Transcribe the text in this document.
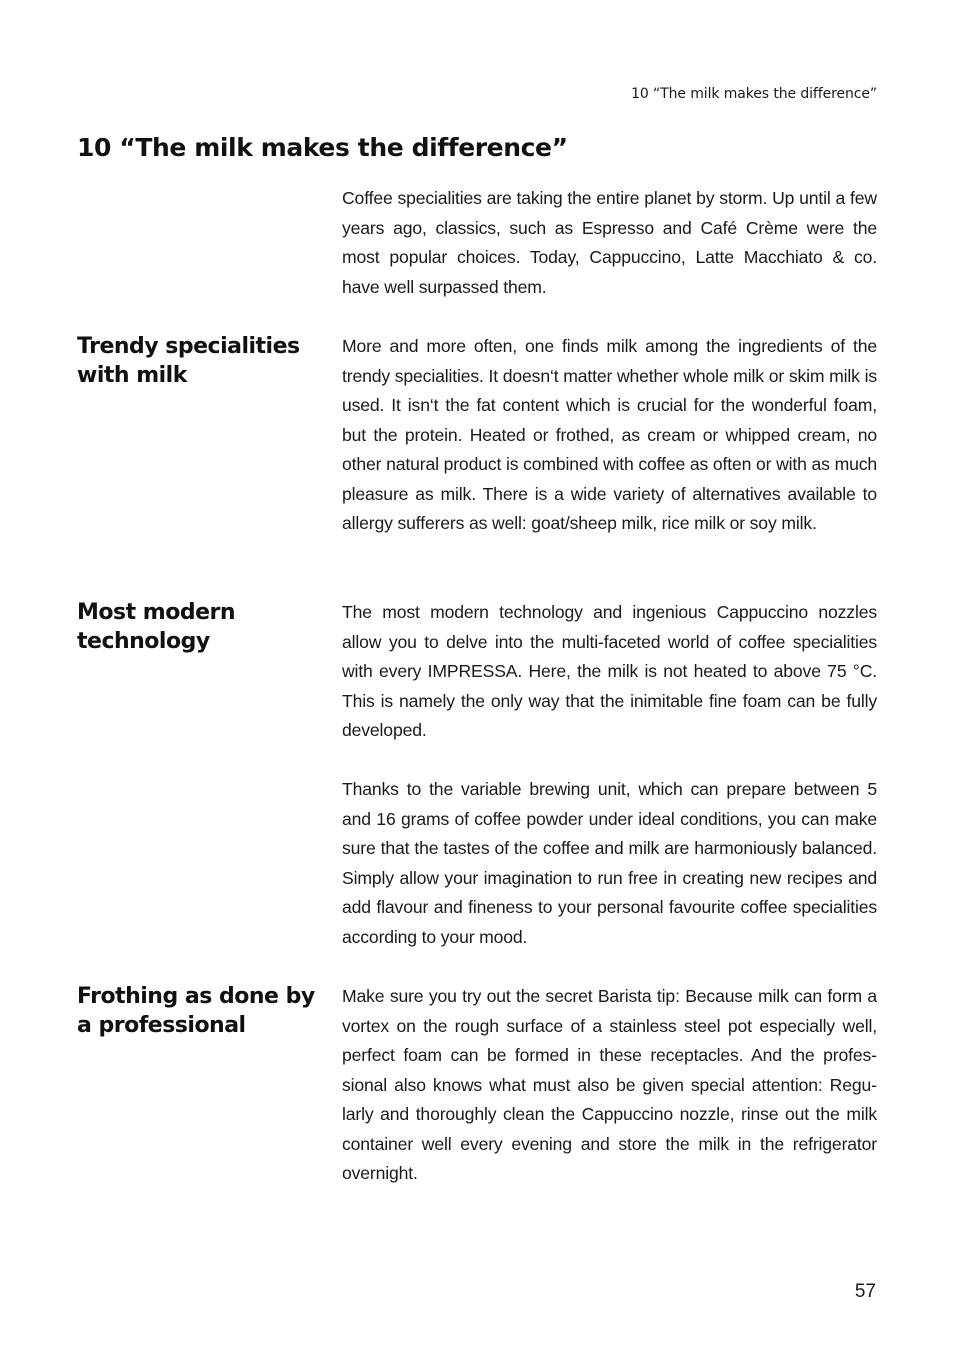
10 “The milk makes the difference”
10 “The milk makes the difference”

Coffee specialities are taking the entire planet by storm. Up until a few years ago, classics, such as Espresso and Café Crème were the most popular choices. Today, Cappuccino, Latte Macchiato & co. have well surpassed them.

Trendy specialities with milk

More and more often, one finds milk among the ingredients of the trendy specialities. It doesn‘t matter whether whole milk or skim milk is used. It isn‘t the fat content which is crucial for the wonderful foam, but the protein. Heated or frothed, as cream or whipped cream, no other natural product is combined with coffee as often or with as much pleasure as milk. There is a wide variety of alternatives available to allergy sufferers as well: goat/sheep milk, rice milk or soy milk.

Most modern technology

The most modern technology and ingenious Cappuccino nozzles allow you to delve into the multi-faceted world of coffee specialities with every IMPRESSA. Here, the milk is not heated to above 75 °C. This is namely the only way that the inimitable fine foam can be fully developed.

Thanks to the variable brewing unit, which can prepare between 5 and 16 grams of coffee powder under ideal conditions, you can make sure that the tastes of the coffee and milk are harmoniously balanced. Simply allow your imagination to run free in creating new recipes and add flavour and fineness to your personal favourite coffee specialities according to your mood.

Frothing as done by a professional

Make sure you try out the secret Barista tip: Because milk can form a vortex on the rough surface of a stainless steel pot especially well, perfect foam can be formed in these receptacles. And the professional also knows what must also be given special attention: Regularly and thoroughly clean the Cappuccino nozzle, rinse out the milk container well every evening and store the milk in the refrigerator overnight.

57
